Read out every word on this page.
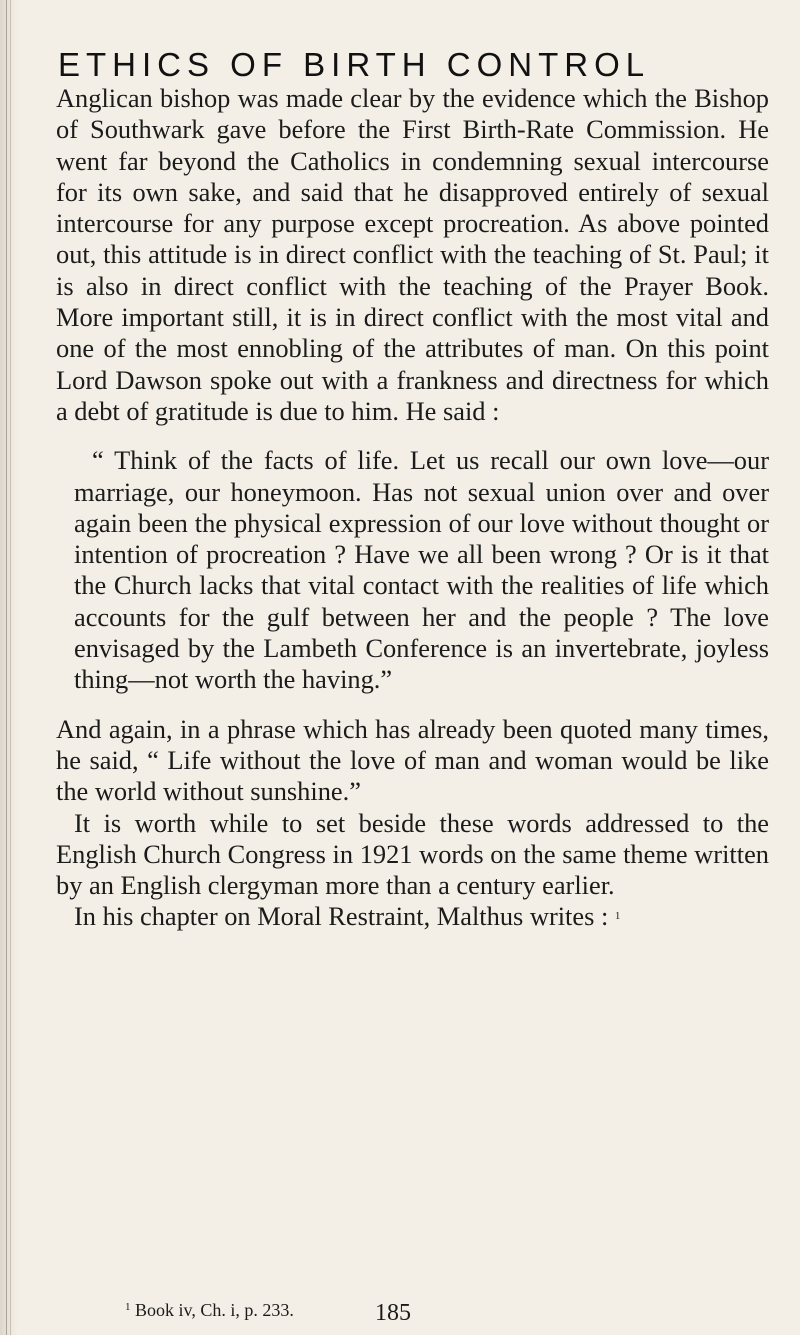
ETHICS OF BIRTH CONTROL

Anglican bishop was made clear by the evidence which the Bishop of Southwark gave before the First Birth-Rate Commission. He went far beyond the Catholics in condemning sexual intercourse for its own sake, and said that he disapproved entirely of sexual intercourse for any purpose except procreation. As above pointed out, this attitude is in direct conflict with the teaching of St. Paul; it is also in direct conflict with the teaching of the Prayer Book. More important still, it is in direct conflict with the most vital and one of the most ennobling of the attributes of man. On this point Lord Dawson spoke out with a frankness and directness for which a debt of gratitude is due to him. He said :

“ Think of the facts of life. Let us recall our own love—our marriage, our honeymoon. Has not sexual union over and over again been the physical expression of our love without thought or intention of procreation ? Have we all been wrong ? Or is it that the Church lacks that vital contact with the realities of life which accounts for the gulf between her and the people ? The love envisaged by the Lambeth Conference is an invertebrate, joyless thing—not worth the having.”

And again, in a phrase which has already been quoted many times, he said, “ Life without the love of man and woman would be like the world without sunshine.”

It is worth while to set beside these words addressed to the English Church Congress in 1921 words on the same theme written by an English clergyman more than a century earlier.

In his chapter on Moral Restraint, Malthus writes : $^1$

$^1$ Book iv, Ch. i, p. 233.	185
